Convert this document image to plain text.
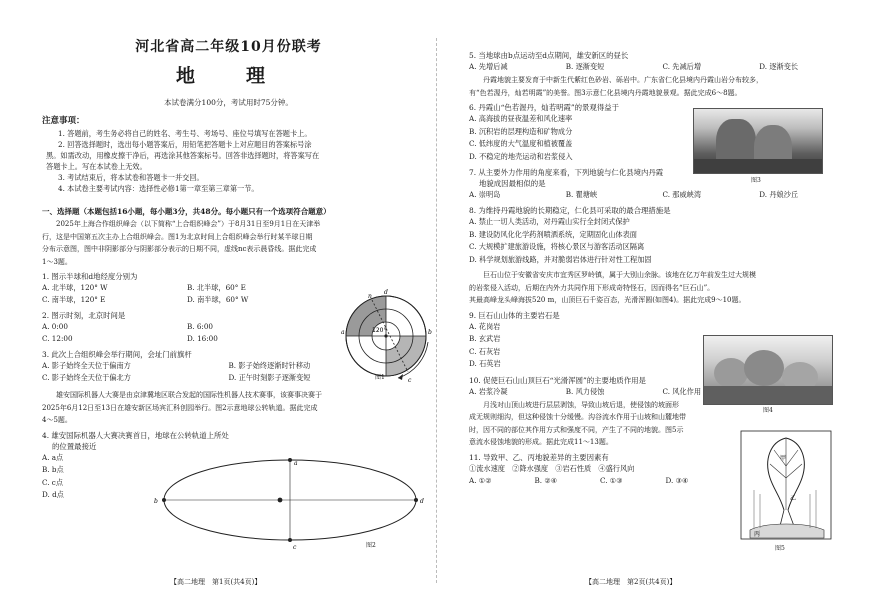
河北省高二年级10月份联考
地　理
本试卷满分100分，考试用时75分钟。
注意事项：
1. 答题前，考生务必将自己的姓名、考生号、考场号、座位号填写在答题卡上。
2. 回答选择题时，选出每小题答案后，用铅笔把答题卡上对应题目的答案标号涂
黑。如需改动，用橡皮擦干净后，再选涂其他答案标号。回答非选择题时，将答案写在
答题卡上。写在本试卷上无效。
3. 考试结束后，将本试卷和答题卡一并交回。
4. 本试卷主要考试内容：选择性必修1第一章至第三章第一节。
一、选择题（本题包括16小题，每小题3分，共48分。每小题只有一个选项符合题意）

2025年上海合作组织峰会（以下简称“上合组织峰会”）于8月31日至9月1日在天津举

行，这是中国第五次主办上合组织峰会。图1为北京时间上合组织峰会举行时某半球日期

分布示意图，图中非阴影部分与阴影部分表示的日期不同，虚线nc表示晨昏线。据此完成

1～3题。

1. 图示半球和d地经度分别为
A. 北半球，120° W	B. 北半球，60° E
C. 南半球，120° E	D. 南半球，60° W
2. 图示时刻，北京时间是
A. 0:00	B. 6:00
C. 12:00	D. 16:00
3. 此次上合组织峰会举行期间，会址门前旗杆
A. 影子始终全天位于偏南方	B. 影子始终逐渐时针移动
C. 影子始终全天位于偏北方	D. 正午时刻影子逐渐变短
120°
d
n
a	b
c
图1

雄安国际机器人大赛是由京津冀地区联合发起的国际性机器人技术赛事，该赛事决赛于

2025年6月12日至13日在雄安新区场宾汇科创园举行。图2示意地球公转轨道。据此完成

4～5题。

4. 雄安国际机器人大赛决赛首日，地球在公转轨道上所处
的位置最接近
A. a点
B. b点
C. c点
D. d点
a
b
c
d
图2
【高二地理　第1页(共4页)】
5. 当地球由b点运动至d点期间，雄安新区的昼长
A. 先增后减	B. 逐渐变短	C. 先减后增	D. 逐渐变长

丹霞地貌主要发育于中新生代紫红色砂岩、砾岩中。广东省仁化县境内丹霞山岩分布较多，

有“色若渥丹，灿若明霞”的美誉。图3示意仁化县境内丹霞地貌景观。据此完成6～8题。

6. 丹霞山“色若渥丹，灿若明霞”的景观得益于
A. 高海拔的昼夜温差和风化速率
B. 沉积岩的层理构造和矿物成分
C. 低纬度的大气温度和植被覆盖
D. 不稳定的地壳运动和岩浆侵入
7. 从主要外力作用的角度来看，下列地貌与仁化县境内丹霞
地貌成因最相似的是
A. 崇明岛	B. 瞿塘峡	C. 那威峡湾	D. 丹娘沙丘
8. 为维持丹霞地貌的长期稳定，仁化县可采取的最合理措施是
A. 禁止一切人类活动，对丹霞山实行全封闭式保护
B. 建设防风化化学药剂喷洒系统，定期固化山体表面
C. 大规模扩建旅游设施，将核心景区与游客活动区隔离
D. 科学规划旅游线路，并对脆弱岩体进行针对性工程加固

巨石山位于安徽省安庆市宜秀区罗岭镇，属于大别山余脉。该地在亿万年前发生过大规模

的岩浆侵入活动，后期在内外力共同作用下形成奇特怪石，因而得名“巨石山”。

其最高峰龙头峰海拔520 m，山顶巨石千姿百态，光滑浑圆(如图4)。据此完成9～10题。

9. 巨石山山体的主要岩石是
A. 花岗岩
B. 玄武岩
C. 石灰岩
D. 石英岩
10. 促使巨石山山顶巨石“光滑浑圆”的主要地质作用是
A. 岩浆冷凝	B. 风力侵蚀	C. 风化作用

月浅对山顶山坡进行层层剥蚀，导致山坡后退，使侵蚀的坡面形

成无规则细沟，但这种侵蚀十分缓慢。沟谷流水作用于山坡和山麓地带

时，因不同的部位其作用方式和强度不同，产生了不同的地貌。图5示

意流水侵蚀地貌的形成。据此完成11～13题。

11. 导致甲、乙、丙地貌差异的主要因素有
①流水速度　②降水强度　③岩石性质　④盛行风向
A. ①②	B. ②④	C. ①③	D. ③④
图3
图4
甲
乙
丙
图5
【高二地理　第2页(共4页)】
